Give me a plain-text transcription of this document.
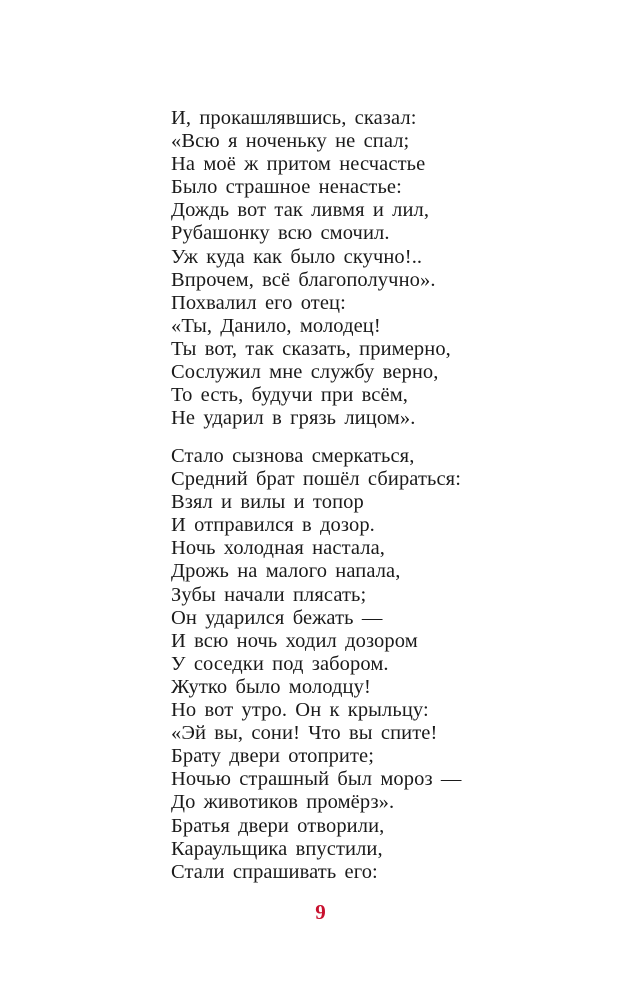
И, прокашлявшись, сказал:
«Всю я ноченьку не спал;
На моё ж притом несчастье
Было страшное ненастье:
Дождь вот так ливмя и лил,
Рубашонку всю смочил.
Уж куда как было скучно!..
Впрочем, всё благополучно».
Похвалил его отец:
«Ты, Данило, молодец!
Ты вот, так сказать, примерно,
Сослужил мне службу верно,
То есть, будучи при всём,
Не ударил в грязь лицом».
Стало сызнова смеркаться,
Средний брат пошёл сбираться:
Взял и вилы и топор
И отправился в дозор.
Ночь холодная настала,
Дрожь на малого напала,
Зубы начали плясать;
Он ударился бежать —
И всю ночь ходил дозором
У соседки под забором.
Жутко было молодцу!
Но вот утро. Он к крыльцу:
«Эй вы, сони! Что вы спите!
Брату двери отоприте;
Ночью страшный был мороз —
До животиков промёрз».
Братья двери отворили,
Караульщика впустили,
Стали спрашивать его:
9
